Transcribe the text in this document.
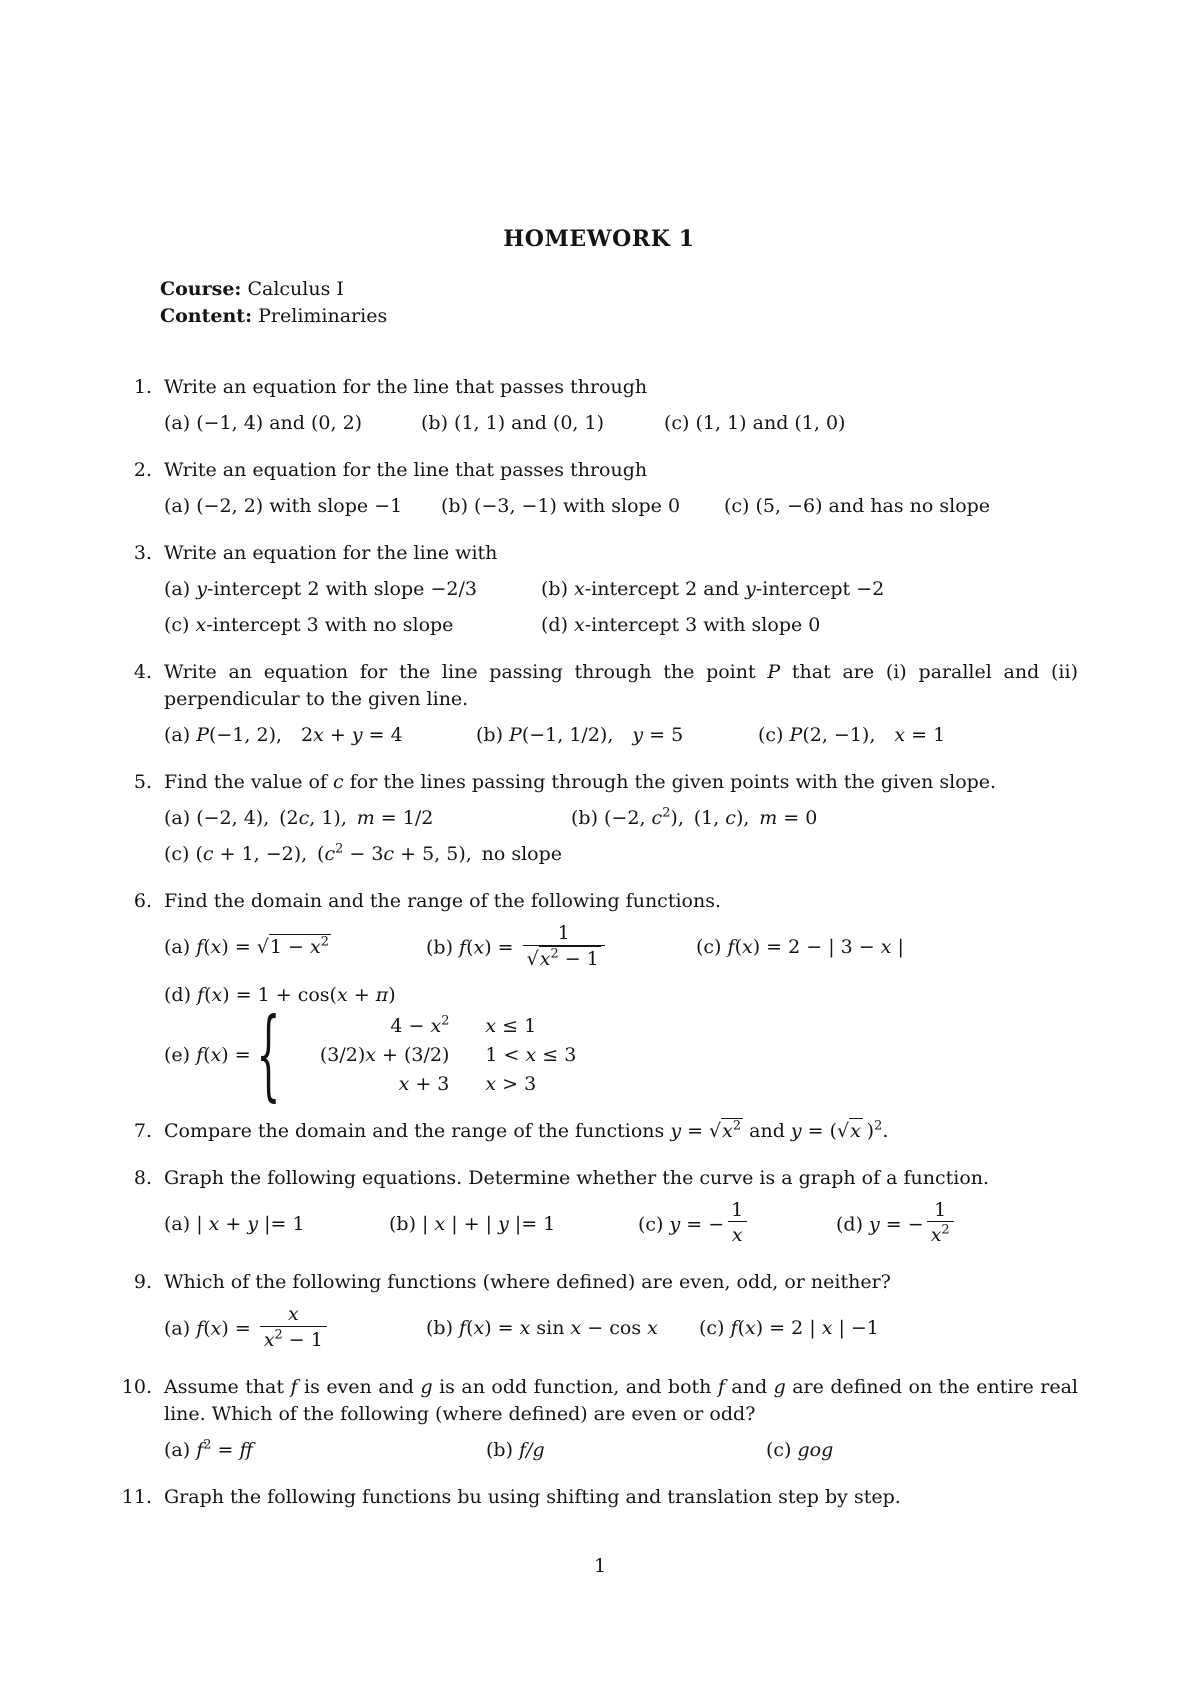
HOMEWORK 1
Course: Calculus I
Content: Preliminaries
1. Write an equation for the line that passes through
(a) (−1, 4) and (0, 2)	(b) (1, 1) and (0, 1)	(c) (1, 1) and (1, 0)
2. Write an equation for the line that passes through
(a) (−2, 2) with slope −1	(b) (−3, −1) with slope 0	(c) (5, −6) and has no slope
3. Write an equation for the line with
(a) y-intercept 2 with slope −2/3	(b) x-intercept 2 and y-intercept −2
(c) x-intercept 3 with no slope	(d) x-intercept 3 with slope 0
4. Write an equation for the line passing through the point P that are (i) parallel and (ii) perpendicular to the given line.
(a) P(−1, 2),  2x + y = 4	(b) P(−1, 1/2),  y = 5	(c) P(2, −1),  x = 1
5. Find the value of c for the lines passing through the given points with the given slope.
(a) (−2, 4),  (2c, 1),  m = 1/2	(b) (−2, $c^2$),  (1, c),  m = 0
(c) (c + 1, −2),  ($c^2 - 3c + 5$, 5),  no slope
6. Find the domain and the range of the following functions.
(a) $f(x) = √1 - x^2$	(b) $f(x) = \frac{1}{√x^2 - 1}$	(c) f(x) = 2 − | 3 − x |
(d) f(x) = 1 + cos(x + π)
(e) f(x) = {	$4 - x^2$ x ≤ 1
(3/2)x + (3/2) 1 < x ≤ 3
x + 3 x > 3
7. Compare the domain and the range of the functions $y = √x^2$ and y = (√x )$^2$.
8. Graph the following equations. Determine whether the curve is a graph of a function.
(a) | x + y |= 1	(b) | x | + | y |= 1	(c) y = − $\frac{1}{x}$	(d) y = − $\frac{1}{x^2}$
9. Which of the following functions (where defined) are even, odd, or neither?
(a) $f(x) = \frac{x}{x^2 - 1}$	(b) f(x) = x sin x − cos x	(c) f(x) = 2 | x | −1
10. Assume that f is even and g is an odd function, and both f and g are defined on the entire real line. Which of the following (where defined) are even or odd?
(a) $f^2$ = ff	(b) f/g	(c) gog
11. Graph the following functions bu using shifting and translation step by step.
1
